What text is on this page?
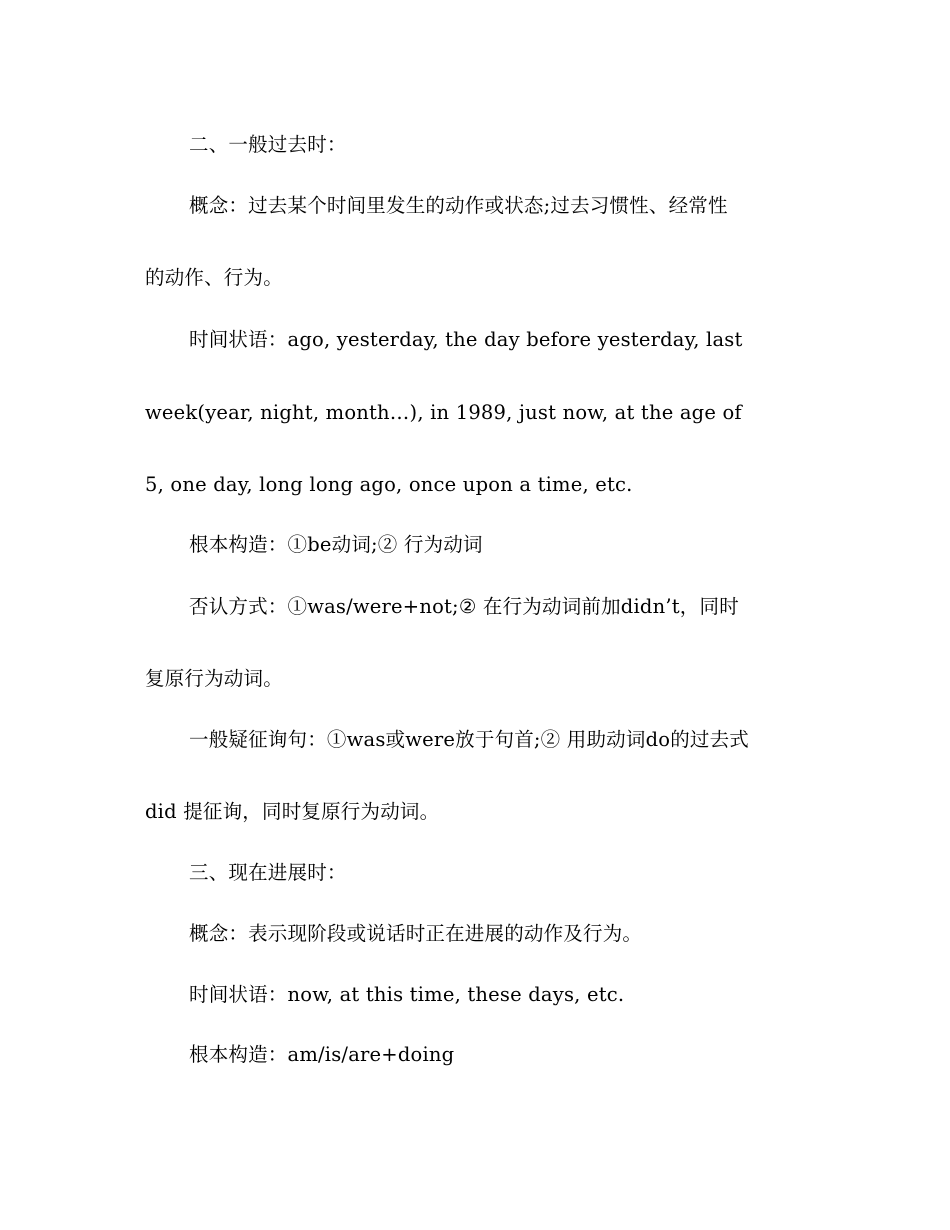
二、一般过去时：
概念：过去某个时间里发生的动作或状态;过去习惯性、经常性
的动作、行为。
时间状语：ago, yesterday, the day before yesterday, last
week(year, night, month…), in 1989, just now, at the age of
5, one day, long long ago, once upon a time, etc.
根本构造：①be动词;② 行为动词
否认方式：①was/were+not;② 在行为动词前加didn’t，同时
复原行为动词。
一般疑征询句：①was或were放于句首;② 用助动词do的过去式
did 提征询，同时复原行为动词。
三、现在进展时：
概念：表示现阶段或说话时正在进展的动作及行为。
时间状语：now, at this time, these days, etc.
根本构造：am/is/are+doing
